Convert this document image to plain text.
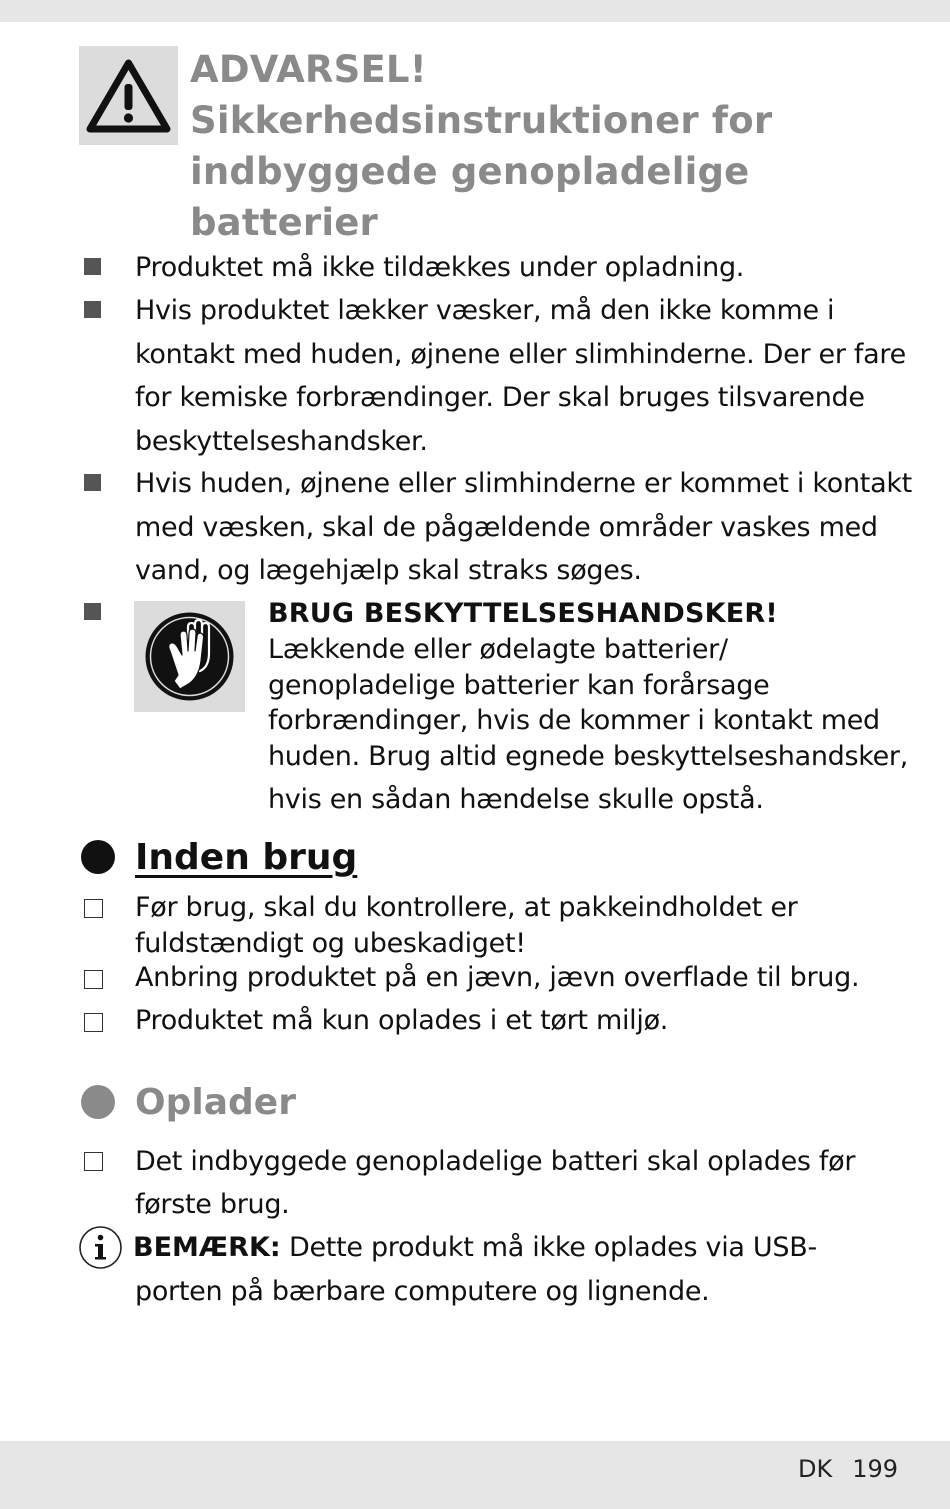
ADVARSEL!
Sikkerhedsinstruktioner for
indbyggede genopladelige
batterier
Produktet må ikke tildækkes under opladning.
Hvis produktet lækker væsker, må den ikke komme i
kontakt med huden, øjnene eller slimhinderne. Der er fare
for kemiske forbrændinger. Der skal bruges tilsvarende
beskyttelseshandsker.
Hvis huden, øjnene eller slimhinderne er kommet i kontakt
med væsken, skal de pågældende områder vaskes med
vand, og lægehjælp skal straks søges.
BRUG BESKYTTELSESHANDSKER!
Lækkende eller ødelagte batterier/
genopladelige batterier kan forårsage
forbrændinger, hvis de kommer i kontakt med
huden. Brug altid egnede beskyttelseshandsker,
hvis en sådan hændelse skulle opstå.
Inden brug
Før brug, skal du kontrollere, at pakkeindholdet er
fuldstændigt og ubeskadiget!
Anbring produktet på en jævn, jævn overflade til brug.
Produktet må kun oplades i et tørt miljø.
Oplader
Det indbyggede genopladelige batteri skal oplades før
første brug.
BEMÆRK: Dette produkt må ikke oplades via USB-
porten på bærbare computere og lignende.
DK 199
